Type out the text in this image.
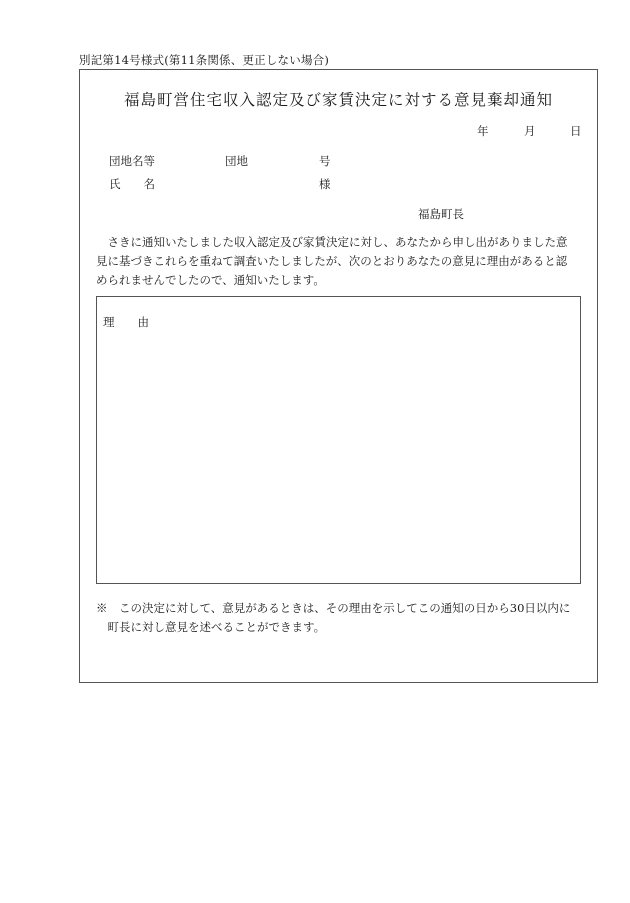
別記第14号様式(第11条関係、更正しない場合)
福島町営住宅収入認定及び家賃決定に対する意見棄却通知
年	月	日
団地名等	団地	号
氏　　名	様
福島町長
　さきに通知いたしました収入認定及び家賃決定に対し、あなたから申し出がありました意
見に基づきこれらを重ねて調査いたしましたが、次のとおりあなたの意見に理由があると認
められませんでしたので、通知いたします。
理　　由
※　この決定に対して、意見があるときは、その理由を示してこの通知の日から30日以内に
　町長に対し意見を述べることができます。
